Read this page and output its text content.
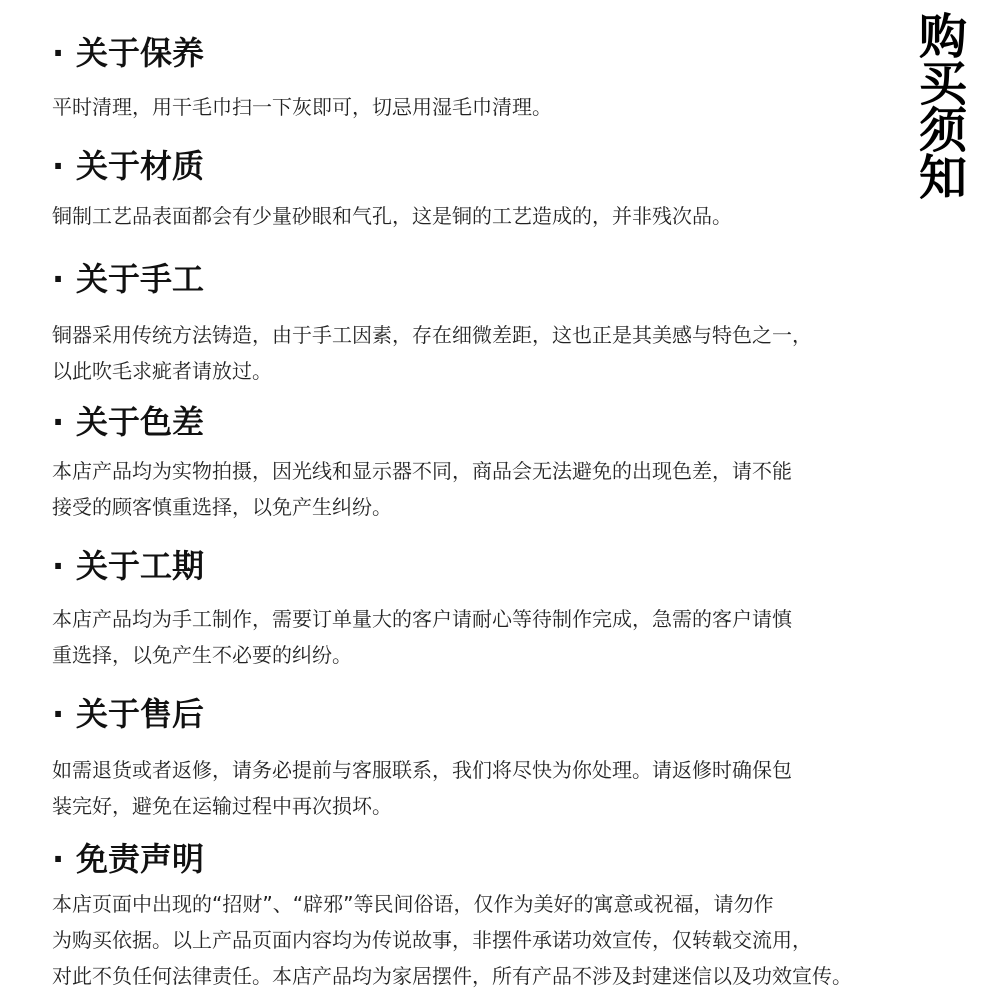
购
买
须
知
· 关于保养
平时清理，用干毛巾扫一下灰即可，切忌用湿毛巾清理。
· 关于材质
铜制工艺品表面都会有少量砂眼和气孔，这是铜的工艺造成的，并非残次品。
· 关于手工
铜器采用传统方法铸造，由于手工因素，存在细微差距，这也正是其美感与特色之一，
以此吹毛求疵者请放过。
· 关于色差
本店产品均为实物拍摄，因光线和显示器不同，商品会无法避免的出现色差，请不能
接受的顾客慎重选择，以免产生纠纷。
· 关于工期
本店产品均为手工制作，需要订单量大的客户请耐心等待制作完成，急需的客户请慎
重选择，以免产生不必要的纠纷。
· 关于售后
如需退货或者返修，请务必提前与客服联系，我们将尽快为你处理。请返修时确保包
装完好，避免在运输过程中再次损坏。
· 免责声明
本店页面中出现的“招财”、“辟邪”等民间俗语，仅作为美好的寓意或祝福，请勿作
为购买依据。以上产品页面内容均为传说故事，非摆件承诺功效宣传，仅转载交流用，
对此不负任何法律责任。本店产品均为家居摆件，所有产品不涉及封建迷信以及功效宣传。
